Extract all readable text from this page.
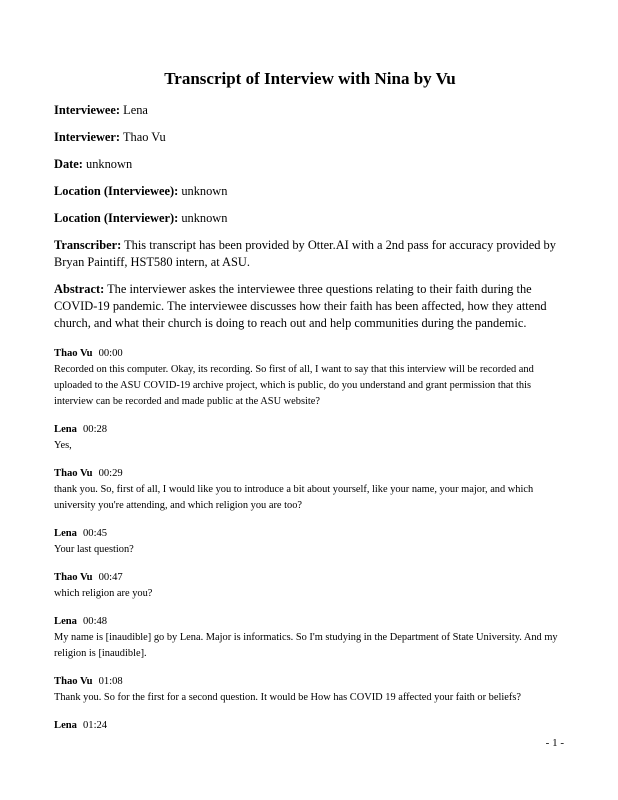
Transcript of Interview with Nina by Vu
Interviewee: Lena
Interviewer: Thao Vu
Date: unknown
Location (Interviewee): unknown
Location (Interviewer): unknown
Transcriber: This transcript has been provided by Otter.AI with a 2nd pass for accuracy provided by Bryan Paintiff, HST580 intern, at ASU.
Abstract: The interviewer askes the interviewee three questions relating to their faith during the COVID-19 pandemic. The interviewee discusses how their faith has been affected, how they attend church, and what their church is doing to reach out and help communities during the pandemic.
Thao Vu 00:00
Recorded on this computer. Okay, its recording. So first of all, I want to say that this interview will be recorded and uploaded to the ASU COVID-19 archive project, which is public, do you understand and grant permission that this interview can be recorded and made public at the ASU website?
Lena 00:28
Yes,
Thao Vu 00:29
thank you. So, first of all, I would like you to introduce a bit about yourself, like your name, your major, and which university you're attending, and which religion you are too?
Lena 00:45
Your last question?
Thao Vu 00:47
which religion are you?
Lena 00:48
My name is [inaudible] go by Lena. Major is informatics. So I'm studying in the Department of State University. And my religion is [inaudible].
Thao Vu 01:08
Thank you. So for the first for a second question. It would be How has COVID 19 affected your faith or beliefs?
Lena 01:24
- 1 -
